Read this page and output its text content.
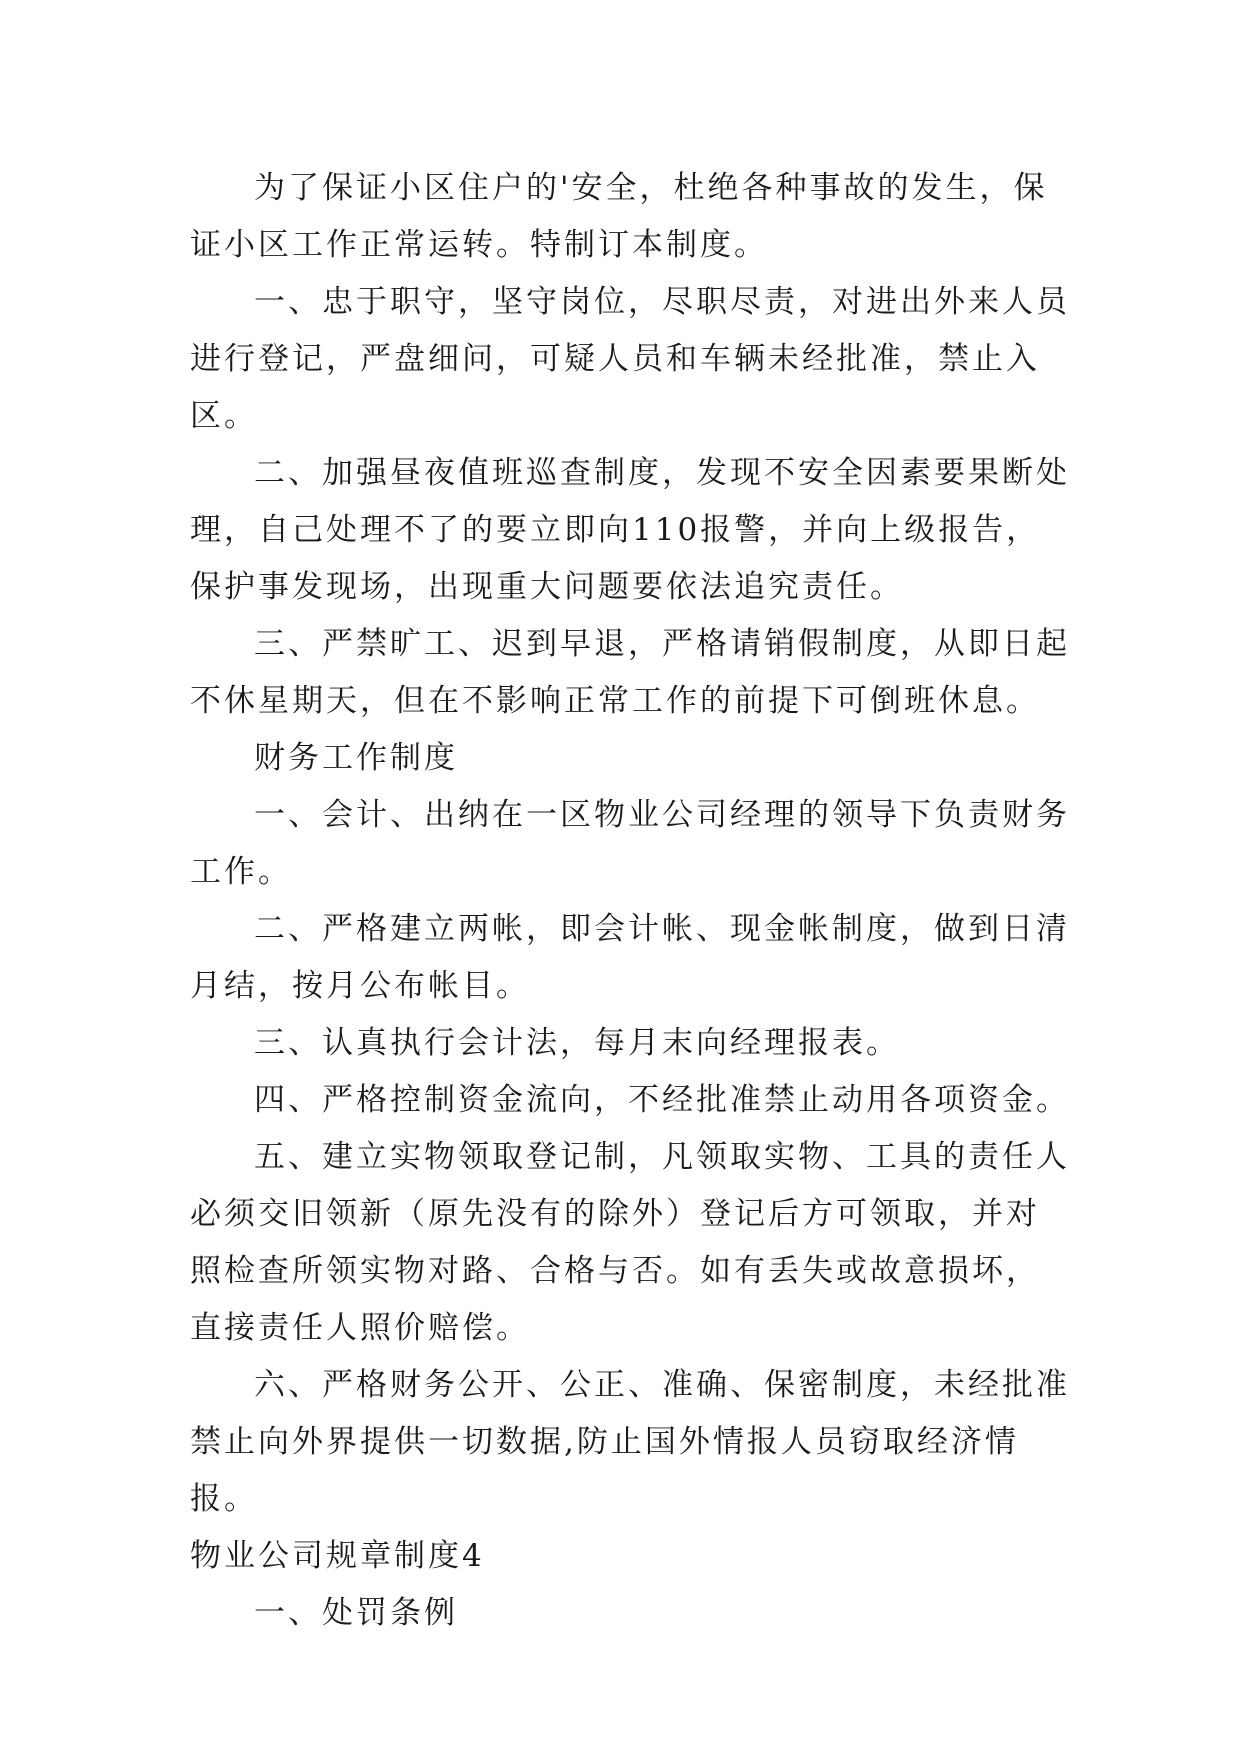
为了保证小区住户的'安全，杜绝各种事故的发生，保证小区工作正常运转。特制订本制度。

一、忠于职守，坚守岗位，尽职尽责，对进出外来人员进行登记，严盘细问，可疑人员和车辆未经批准，禁止入区。

二、加强昼夜值班巡查制度，发现不安全因素要果断处理，自己处理不了的要立即向110报警，并向上级报告，保护事发现场，出现重大问题要依法追究责任。

三、严禁旷工、迟到早退，严格请销假制度，从即日起不休星期天，但在不影响正常工作的前提下可倒班休息。

财务工作制度

一、会计、出纳在一区物业公司经理的领导下负责财务工作。

二、严格建立两帐，即会计帐、现金帐制度，做到日清月结，按月公布帐目。

三、认真执行会计法，每月末向经理报表。

四、严格控制资金流向，不经批准禁止动用各项资金。

五、建立实物领取登记制，凡领取实物、工具的责任人必须交旧领新（原先没有的除外）登记后方可领取，并对照检查所领实物对路、合格与否。如有丢失或故意损坏，直接责任人照价赔偿。

六、严格财务公开、公正、准确、保密制度，未经批准禁止向外界提供一切数据,防止国外情报人员窃取经济情报。

物业公司规章制度4

一、处罚条例
